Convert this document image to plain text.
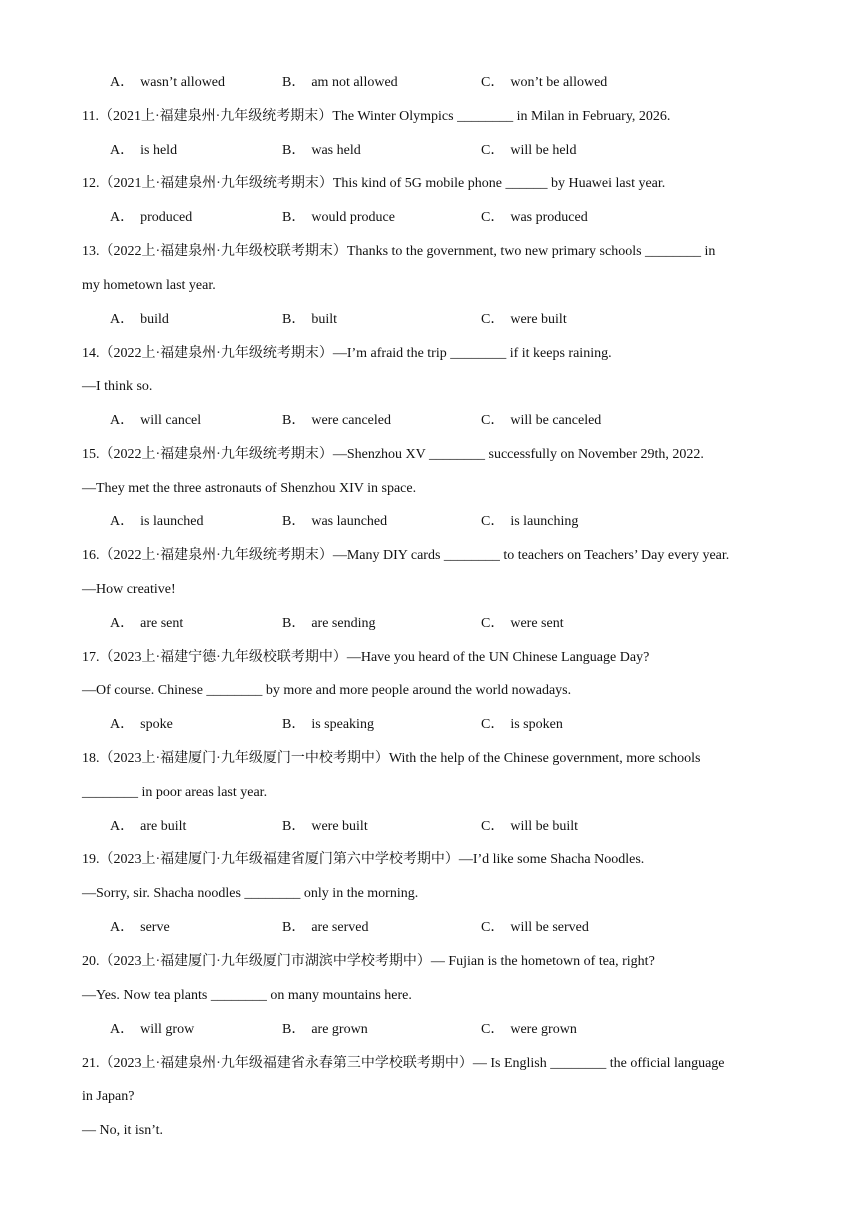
A． wasn’t allowed	B． am not allowed	C． won’t be allowed
11.（2021上·福建泉州·九年级统考期末）The Winter Olympics ________ in Milan in February, 2026.
A． is held	B． was held	C． will be held
12.（2021上·福建泉州·九年级统考期末）This kind of 5G mobile phone ______ by Huawei last year.
A． produced	B． would produce	C． was produced
13.（2022上·福建泉州·九年级校联考期末）Thanks to the government, two new primary schools ________ in
my hometown last year.
A． build	B． built	C． were built
14.（2022上·福建泉州·九年级统考期末）—I’m afraid the trip ________ if it keeps raining.
—I think so.
A． will cancel	B． were canceled	C． will be canceled
15.（2022上·福建泉州·九年级统考期末）—Shenzhou XV ________ successfully on November 29th, 2022.
—They met the three astronauts of Shenzhou XIV in space.
A． is launched	B． was launched	C． is launching
16.（2022上·福建泉州·九年级统考期末）—Many DIY cards ________ to teachers on Teachers’ Day every year.
—How creative!
A． are sent	B． are sending	C． were sent
17.（2023上·福建宁德·九年级校联考期中）—Have you heard of the UN Chinese Language Day?
—Of course. Chinese ________ by more and more people around the world nowadays.
A． spoke	B． is speaking	C． is spoken
18.（2023上·福建厦门·九年级厦门一中校考期中）With the help of the Chinese government, more schools
________ in poor areas last year.
A． are built	B． were built	C． will be built
19.（2023上·福建厦门·九年级福建省厦门第六中学校考期中）—I’d like some Shacha Noodles.
—Sorry, sir. Shacha noodles ________ only in the morning.
A． serve	B． are served	C． will be served
20.（2023上·福建厦门·九年级厦门市湖滨中学校考期中）— Fujian is the hometown of tea, right?
—Yes. Now tea plants ________ on many mountains here.
A． will grow	B． are grown	C． were grown
21.（2023上·福建泉州·九年级福建省永春第三中学校联考期中）— Is English ________ the official language
in Japan?
— No, it isn’t.
